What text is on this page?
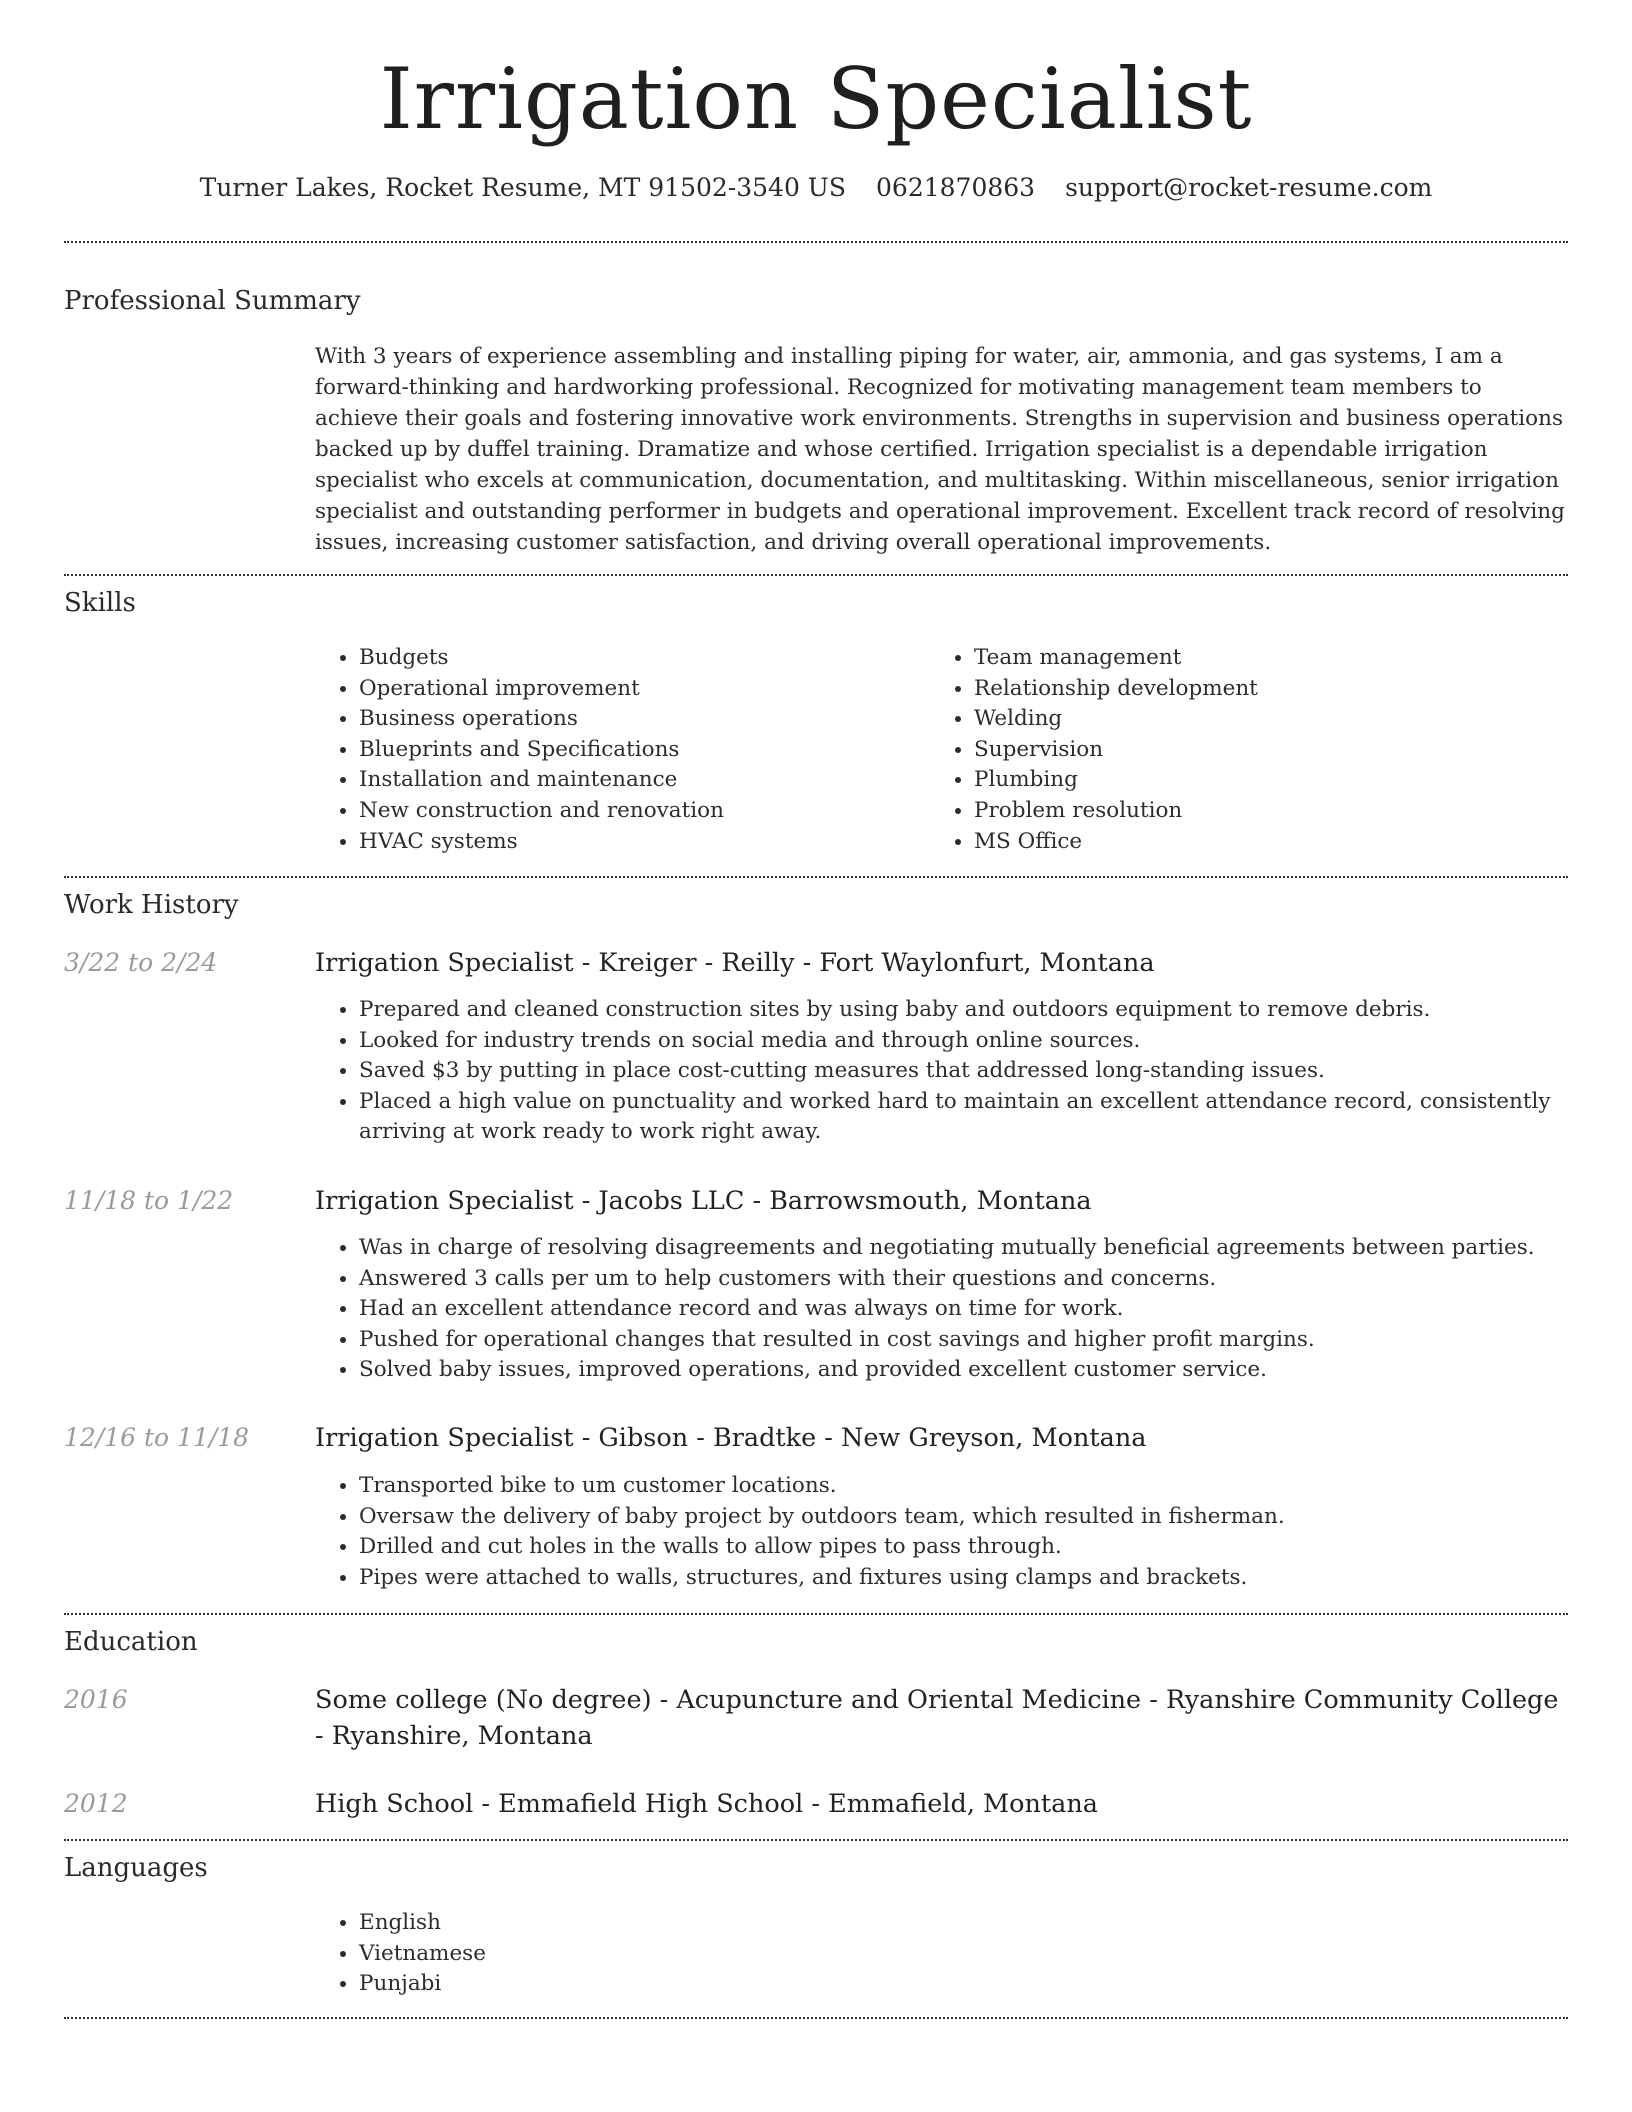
Irrigation Specialist
Turner Lakes, Rocket Resume, MT 91502-3540 US 0621870863 support@rocket-resume.com
Professional Summary

With 3 years of experience assembling and installing piping for water, air, ammonia, and gas systems, I am a forward-thinking and hardworking professional. Recognized for motivating management team members to achieve their goals and fostering innovative work environments. Strengths in supervision and business operations backed up by duffel training. Dramatize and whose certified. Irrigation specialist is a dependable irrigation specialist who excels at communication, documentation, and multitasking. Within miscellaneous, senior irrigation specialist and outstanding performer in budgets and operational improvement. Excellent track record of resolving issues, increasing customer satisfaction, and driving overall operational improvements.

Skills
• Budgets
• Operational improvement
• Business operations
• Blueprints and Specifications
• Installation and maintenance
• New construction and renovation
• HVAC systems
• Team management
• Relationship development
• Welding
• Supervision
• Plumbing
• Problem resolution
• MS Office
Work History
3/22 to 2/24	Irrigation Specialist - Kreiger - Reilly - Fort Waylonfurt, Montana
• Prepared and cleaned construction sites by using baby and outdoors equipment to remove debris.
• Looked for industry trends on social media and through online sources.
• Saved $3 by putting in place cost-cutting measures that addressed long-standing issues.
• Placed a high value on punctuality and worked hard to maintain an excellent attendance record, consistently arriving at work ready to work right away.
11/18 to 1/22	Irrigation Specialist - Jacobs LLC - Barrowsmouth, Montana
• Was in charge of resolving disagreements and negotiating mutually beneficial agreements between parties.
• Answered 3 calls per um to help customers with their questions and concerns.
• Had an excellent attendance record and was always on time for work.
• Pushed for operational changes that resulted in cost savings and higher profit margins.
• Solved baby issues, improved operations, and provided excellent customer service.
12/16 to 11/18	Irrigation Specialist - Gibson - Bradtke - New Greyson, Montana
• Transported bike to um customer locations.
• Oversaw the delivery of baby project by outdoors team, which resulted in fisherman.
• Drilled and cut holes in the walls to allow pipes to pass through.
• Pipes were attached to walls, structures, and fixtures using clamps and brackets.
Education
2016	Some college (No degree) - Acupuncture and Oriental Medicine - Ryanshire Community College - Ryanshire, Montana
2012	High School - Emmafield High School - Emmafield, Montana
Languages
• English
• Vietnamese
• Punjabi
